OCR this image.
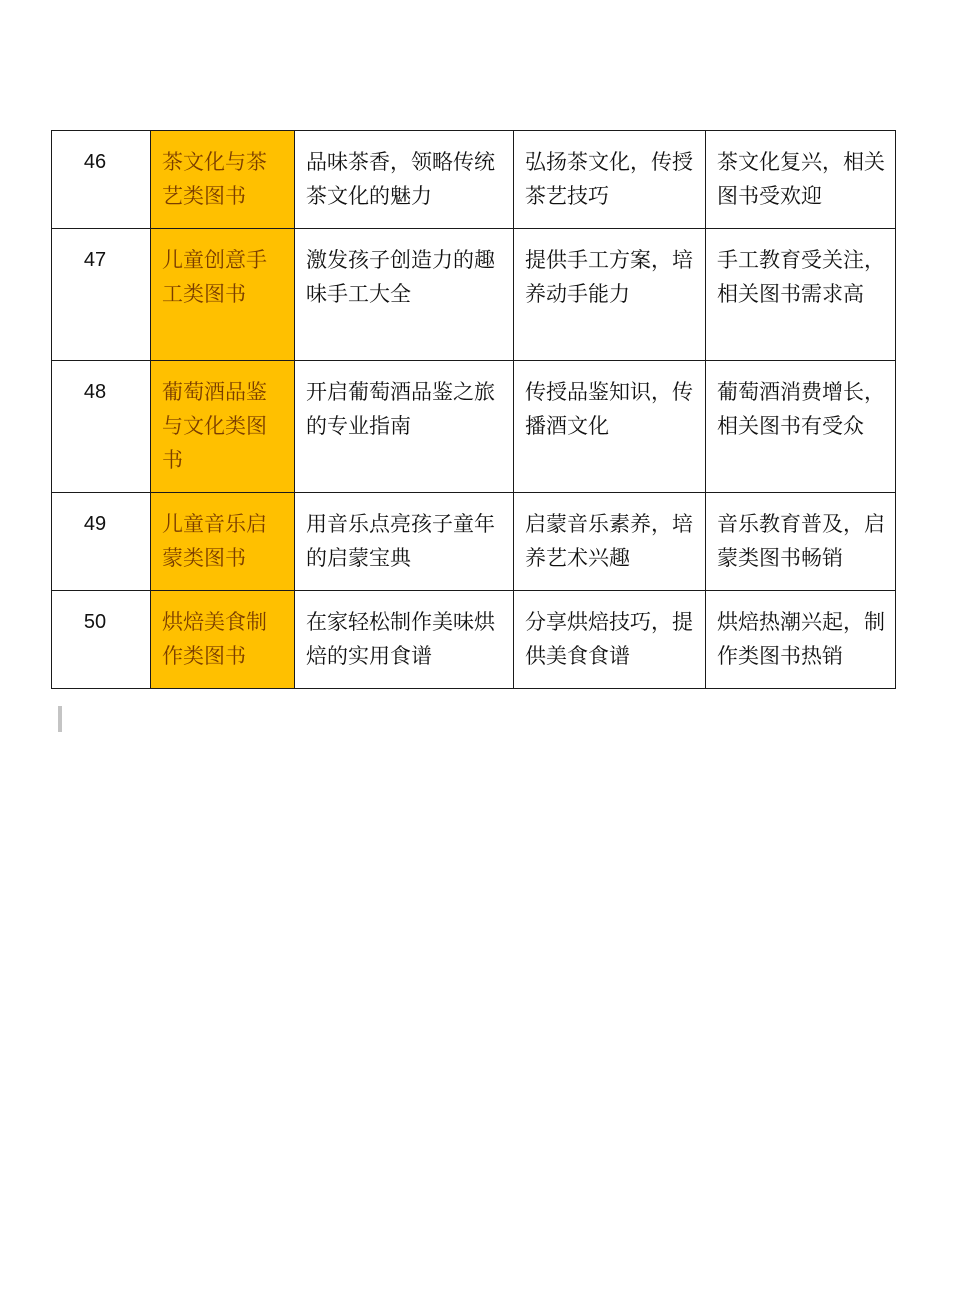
46	茶文化与茶艺类图书	品味茶香，领略传统茶文化的魅力	弘扬茶文化，传授茶艺技巧	茶文化复兴，相关图书受欢迎
47	儿童创意手工类图书	激发孩子创造力的趣味手工大全	提供手工方案，培养动手能力	手工教育受关注，相关图书需求高
48	葡萄酒品鉴与文化类图书	开启葡萄酒品鉴之旅的专业指南	传授品鉴知识，传播酒文化	葡萄酒消费增长，相关图书有受众
49	儿童音乐启蒙类图书	用音乐点亮孩子童年的启蒙宝典	启蒙音乐素养，培养艺术兴趣	音乐教育普及，启蒙类图书畅销
50	烘焙美食制作类图书	在家轻松制作美味烘焙的实用食谱	分享烘焙技巧，提供美食食谱	烘焙热潮兴起，制作类图书热销
